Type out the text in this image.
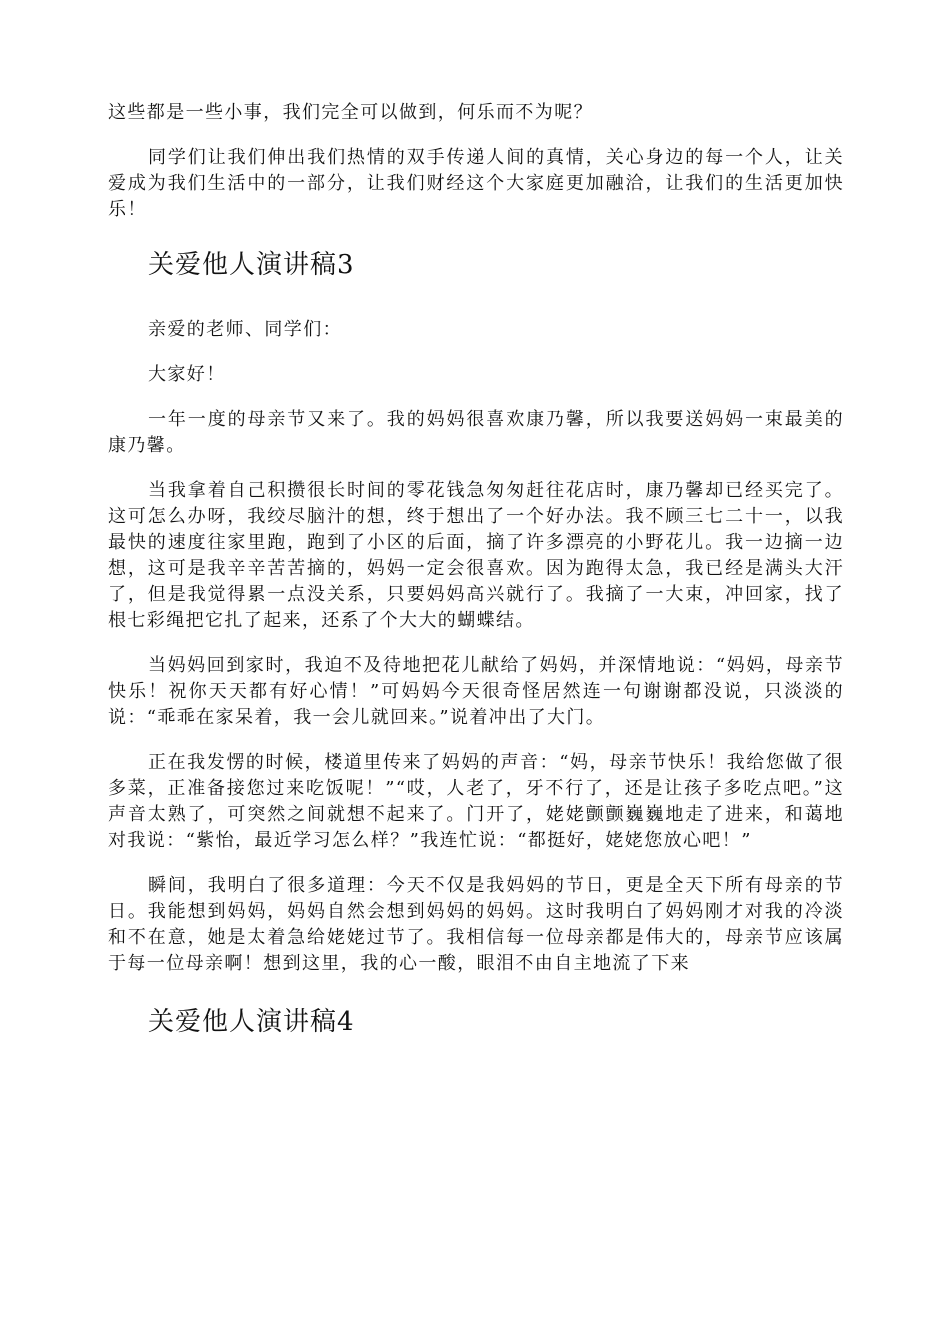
这些都是一些小事，我们完全可以做到，何乐而不为呢？

同学们让我们伸出我们热情的双手传递人间的真情，关心身边的每一个人，让关爱成为我们生活中的一部分，让我们财经这个大家庭更加融洽，让我们的生活更加快乐！

关爱他人演讲稿3

亲爱的老师、同学们：

大家好！

一年一度的母亲节又来了。我的妈妈很喜欢康乃馨，所以我要送妈妈一束最美的康乃馨。

当我拿着自己积攒很长时间的零花钱急匆匆赶往花店时，康乃馨却已经买完了。这可怎么办呀，我绞尽脑汁的想，终于想出了一个好办法。我不顾三七二十一，以我最快的速度往家里跑，跑到了小区的后面，摘了许多漂亮的小野花儿。我一边摘一边想，这可是我辛辛苦苦摘的，妈妈一定会很喜欢。因为跑得太急，我已经是满头大汗了，但是我觉得累一点没关系，只要妈妈高兴就行了。我摘了一大束，冲回家，找了根七彩绳把它扎了起来，还系了个大大的蝴蝶结。

当妈妈回到家时，我迫不及待地把花儿献给了妈妈，并深情地说：“妈妈，母亲节快乐！祝你天天都有好心情！”可妈妈今天很奇怪居然连一句谢谢都没说，只淡淡的说：“乖乖在家呆着，我一会儿就回来。”说着冲出了大门。

正在我发愣的时候，楼道里传来了妈妈的声音：“妈，母亲节快乐！我给您做了很多菜，正准备接您过来吃饭呢！”“哎，人老了，牙不行了，还是让孩子多吃点吧。”这声音太熟了，可突然之间就想不起来了。门开了，姥姥颤颤巍巍地走了进来，和蔼地对我说：“紫怡，最近学习怎么样？”我连忙说：“都挺好，姥姥您放心吧！”

瞬间，我明白了很多道理：今天不仅是我妈妈的节日，更是全天下所有母亲的节日。我能想到妈妈，妈妈自然会想到妈妈的妈妈。这时我明白了妈妈刚才对我的冷淡和不在意，她是太着急给姥姥过节了。我相信每一位母亲都是伟大的，母亲节应该属于每一位母亲啊！想到这里，我的心一酸，眼泪不由自主地流了下来

关爱他人演讲稿4
